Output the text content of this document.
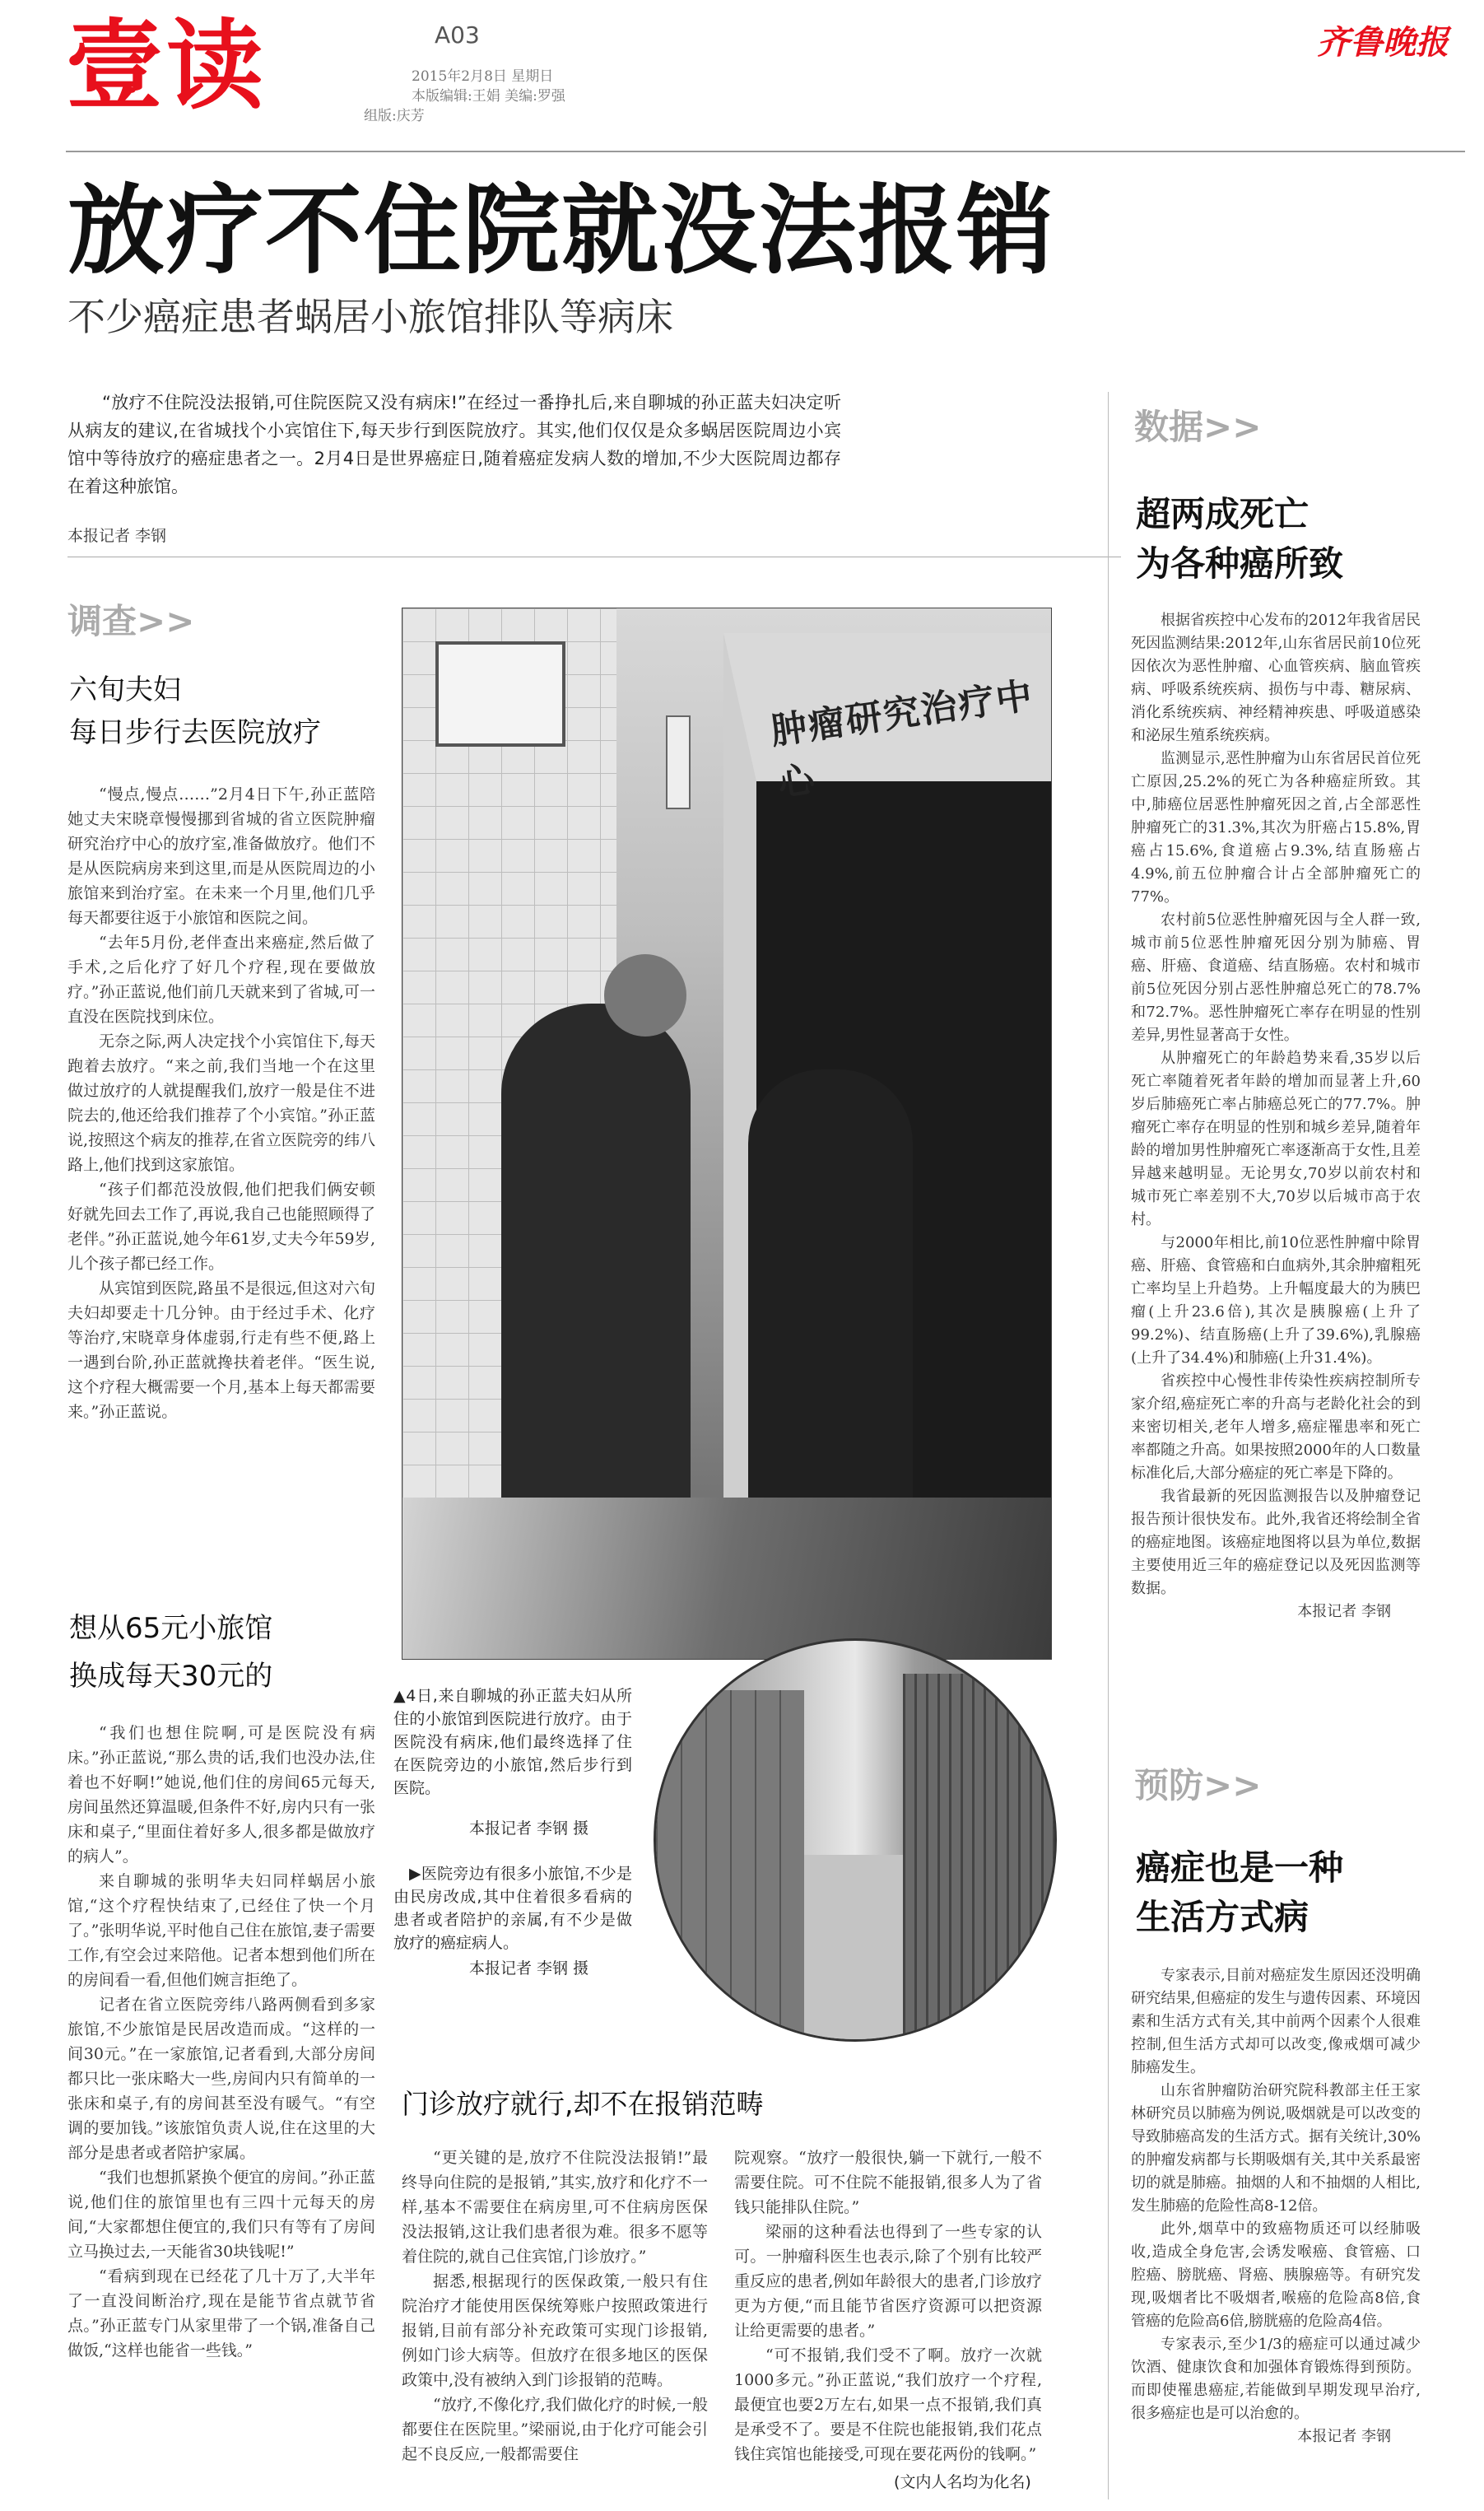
壹读	A03
2015年2月8日 星期日
本版编辑:王娟 美编:罗强
组版:庆芳
齐鲁晚报
放疗不住院就没法报销
不少癌症患者蜗居小旅馆排队等病床
“放疗不住院没法报销,可住院医院又没有病床!”在经过一番挣扎后,来自聊城的孙正蓝夫妇决定听从病友的建议,在省城找个小宾馆住下,每天步行到医院放疗。其实,他们仅仅是众多蜗居医院周边小宾馆中等待放疗的癌症患者之一。2月4日是世界癌症日,随着癌症发病人数的增加,不少大医院周边都存在着这种旅馆。
本报记者 李钢
调查>>
六旬夫妇
每日步行去医院放疗

“慢点,慢点……”2月4日下午,孙正蓝陪她丈夫宋晓章慢慢挪到省城的省立医院肿瘤研究治疗中心的放疗室,准备做放疗。他们不是从医院病房来到这里,而是从医院周边的小旅馆来到治疗室。在未来一个月里,他们几乎每天都要往返于小旅馆和医院之间。

“去年5月份,老伴查出来癌症,然后做了手术,之后化疗了好几个疗程,现在要做放疗。”孙正蓝说,他们前几天就来到了省城,可一直没在医院找到床位。

无奈之际,两人决定找个小宾馆住下,每天跑着去放疗。“来之前,我们当地一个在这里做过放疗的人就提醒我们,放疗一般是住不进院去的,他还给我们推荐了个小宾馆。”孙正蓝说,按照这个病友的推荐,在省立医院旁的纬八路上,他们找到这家旅馆。

“孩子们都范没放假,他们把我们俩安顿好就先回去工作了,再说,我自己也能照顾得了老伴。”孙正蓝说,她今年61岁,丈夫今年59岁,儿个孩子都已经工作。

从宾馆到医院,路虽不是很远,但这对六旬夫妇却要走十几分钟。由于经过手术、化疗等治疗,宋晓章身体虚弱,行走有些不便,路上一遇到台阶,孙正蓝就搀扶着老伴。“医生说,这个疗程大概需要一个月,基本上每天都需要来。”孙正蓝说。

想从65元小旅馆
换成每天30元的

“我们也想住院啊,可是医院没有病床。”孙正蓝说,“那么贵的话,我们也没办法,住着也不好啊!”她说,他们住的房间65元每天,房间虽然还算温暖,但条件不好,房内只有一张床和桌子,“里面住着好多人,很多都是做放疗的病人”。

来自聊城的张明华夫妇同样蜗居小旅馆,“这个疗程快结束了,已经住了快一个月了。”张明华说,平时他自己住在旅馆,妻子需要工作,有空会过来陪他。记者本想到他们所在的房间看一看,但他们婉言拒绝了。

记者在省立医院旁纬八路两侧看到多家旅馆,不少旅馆是民居改造而成。“这样的一间30元。”在一家旅馆,记者看到,大部分房间都只比一张床略大一些,房间内只有简单的一张床和桌子,有的房间甚至没有暖气。“有空调的要加钱。”该旅馆负责人说,住在这里的大部分是患者或者陪护家属。

“我们也想抓紧换个便宜的房间。”孙正蓝说,他们住的旅馆里也有三四十元每天的房间,“大家都想住便宜的,我们只有等有了房间立马换过去,一天能省30块钱呢!”

“看病到现在已经花了几十万了,大半年了一直没间断治疗,现在是能节省点就节省点。”孙正蓝专门从家里带了一个锅,准备自己做饭,“这样也能省一些钱。”

肿瘤研究治疗中心
▲4日,来自聊城的孙正蓝夫妇从所住的小旅馆到医院进行放疗。由于医院没有病床,他们最终选择了住在医院旁边的小旅馆,然后步行到医院。
本报记者 李钢 摄
▶医院旁边有很多小旅馆,不少是由民房改成,其中住着很多看病的患者或者陪护的亲属,有不少是做放疗的癌症病人。
本报记者 李钢 摄
门诊放疗就行,却不在报销范畴

“更关键的是,放疗不住院没法报销!”最终导向住院的是报销,”其实,放疗和化疗不一样,基本不需要住在病房里,可不住病房医保没法报销,这让我们患者很为难。很多不愿等着住院的,就自己住宾馆,门诊放疗。”

据悉,根据现行的医保政策,一般只有住院治疗才能使用医保统筹账户按照政策进行报销,目前有部分补充政策可实现门诊报销,例如门诊大病等。但放疗在很多地区的医保政策中,没有被纳入到门诊报销的范畴。

“放疗,不像化疗,我们做化疗的时候,一般都要住在医院里。”梁丽说,由于化疗可能会引起不良反应,一般都需要住

院观察。“放疗一般很快,躺一下就行,一般不需要住院。可不住院不能报销,很多人为了省钱只能排队住院。”

梁丽的这种看法也得到了一些专家的认可。一肿瘤科医生也表示,除了个别有比较严重反应的患者,例如年龄很大的患者,门诊放疗更为方便,“而且能节省医疗资源可以把资源让给更需要的患者。”

“可不报销,我们受不了啊。放疗一次就1000多元。”孙正蓝说,“我们放疗一个疗程,最便宜也要2万左右,如果一点不报销,我们真是承受不了。要是不住院也能报销,我们花点钱住宾馆也能接受,可现在要花两份的钱啊。”

(文内人名均为化名)
数据>>
超两成死亡
为各种癌所致

根据省疾控中心发布的2012年我省居民死因监测结果:2012年,山东省居民前10位死因依次为恶性肿瘤、心血管疾病、脑血管疾病、呼吸系统疾病、损伤与中毒、糖尿病、消化系统疾病、神经精神疾患、呼吸道感染和泌尿生殖系统疾病。

监测显示,恶性肿瘤为山东省居民首位死亡原因,25.2%的死亡为各种癌症所致。其中,肺癌位居恶性肿瘤死因之首,占全部恶性肿瘤死亡的31.3%,其次为肝癌占15.8%,胃癌占15.6%,食道癌占9.3%,结直肠癌占4.9%,前五位肿瘤合计占全部肿瘤死亡的77%。

农村前5位恶性肿瘤死因与全人群一致,城市前5位恶性肿瘤死因分别为肺癌、胃癌、肝癌、食道癌、结直肠癌。农村和城市前5位死因分别占恶性肿瘤总死亡的78.7%和72.7%。恶性肿瘤死亡率存在明显的性别差异,男性显著高于女性。

从肿瘤死亡的年龄趋势来看,35岁以后死亡率随着死者年龄的增加而显著上升,60岁后肺癌死亡率占肺癌总死亡的77.7%。肿瘤死亡率存在明显的性别和城乡差异,随着年龄的增加男性肿瘤死亡率逐渐高于女性,且差异越来越明显。无论男女,70岁以前农村和城市死亡率差别不大,70岁以后城市高于农村。

与2000年相比,前10位恶性肿瘤中除胃癌、肝癌、食管癌和白血病外,其余肿瘤粗死亡率均呈上升趋势。上升幅度最大的为胰巴瘤(上升23.6倍),其次是胰腺癌(上升了99.2%)、结直肠癌(上升了39.6%),乳腺癌(上升了34.4%)和肺癌(上升31.4%)。

省疾控中心慢性非传染性疾病控制所专家介绍,癌症死亡率的升高与老龄化社会的到来密切相关,老年人增多,癌症罹患率和死亡率都随之升高。如果按照2000年的人口数量标准化后,大部分癌症的死亡率是下降的。

我省最新的死因监测报告以及肿瘤登记报告预计很快发布。此外,我省还将绘制全省的癌症地图。该癌症地图将以县为单位,数据主要使用近三年的癌症登记以及死因监测等数据。

本报记者 李钢
预防>>
癌症也是一种
生活方式病

专家表示,目前对癌症发生原因还没明确研究结果,但癌症的发生与遗传因素、环境因素和生活方式有关,其中前两个因素个人很难控制,但生活方式却可以改变,像戒烟可减少肺癌发生。

山东省肿瘤防治研究院科教部主任王家林研究员以肺癌为例说,吸烟就是可以改变的导致肺癌高发的生活方式。据有关统计,30%的肿瘤发病都与长期吸烟有关,其中关系最密切的就是肺癌。抽烟的人和不抽烟的人相比,发生肺癌的危险性高8-12倍。

此外,烟草中的致癌物质还可以经肺吸收,造成全身危害,会诱发喉癌、食管癌、口腔癌、膀胱癌、肾癌、胰腺癌等。有研究发现,吸烟者比不吸烟者,喉癌的危险高8倍,食管癌的危险高6倍,膀胱癌的危险高4倍。

专家表示,至少1/3的癌症可以通过减少饮酒、健康饮食和加强体育锻炼得到预防。而即使罹患癌症,若能做到早期发现早治疗,很多癌症也是可以治愈的。

本报记者 李钢
